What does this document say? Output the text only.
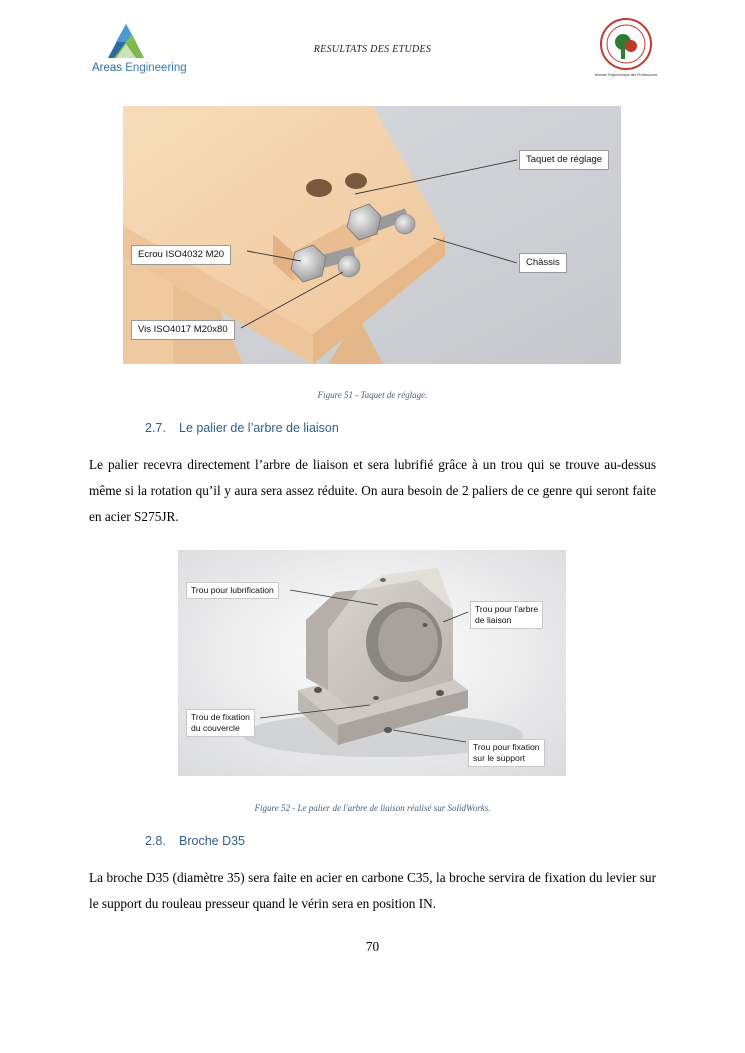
Areas Engineering
RESULTATS DES ETUDES
Nationale Polytechnique des Professionnels
Taquet de réglage
Châssis
Ecrou ISO4032 M20
Vis ISO4017 M20x80
Figure 51 - Taquet de réglage.
2.7. Le palier de l’arbre de liaison
Le palier recevra directement l’arbre de liaison et sera lubrifié grâce à un trou qui se trouve au-dessus même si la rotation qu’il y aura sera assez réduite. On aura besoin de 2 paliers de ce genre qui seront faite en acier S275JR.
Trou pour lubrification
Trou pour l’arbre
de liaison
Trou de fixation
du couvercle
Trou pour fixation
sur le support
Figure 52 - Le palier de l'arbre de liaison réalisé sur SolidWorks.
2.8. Broche D35
La broche D35 (diamètre 35) sera faite en acier en carbone C35, la broche servira de fixation du levier sur le support du rouleau presseur quand le vérin sera en position IN.
70
